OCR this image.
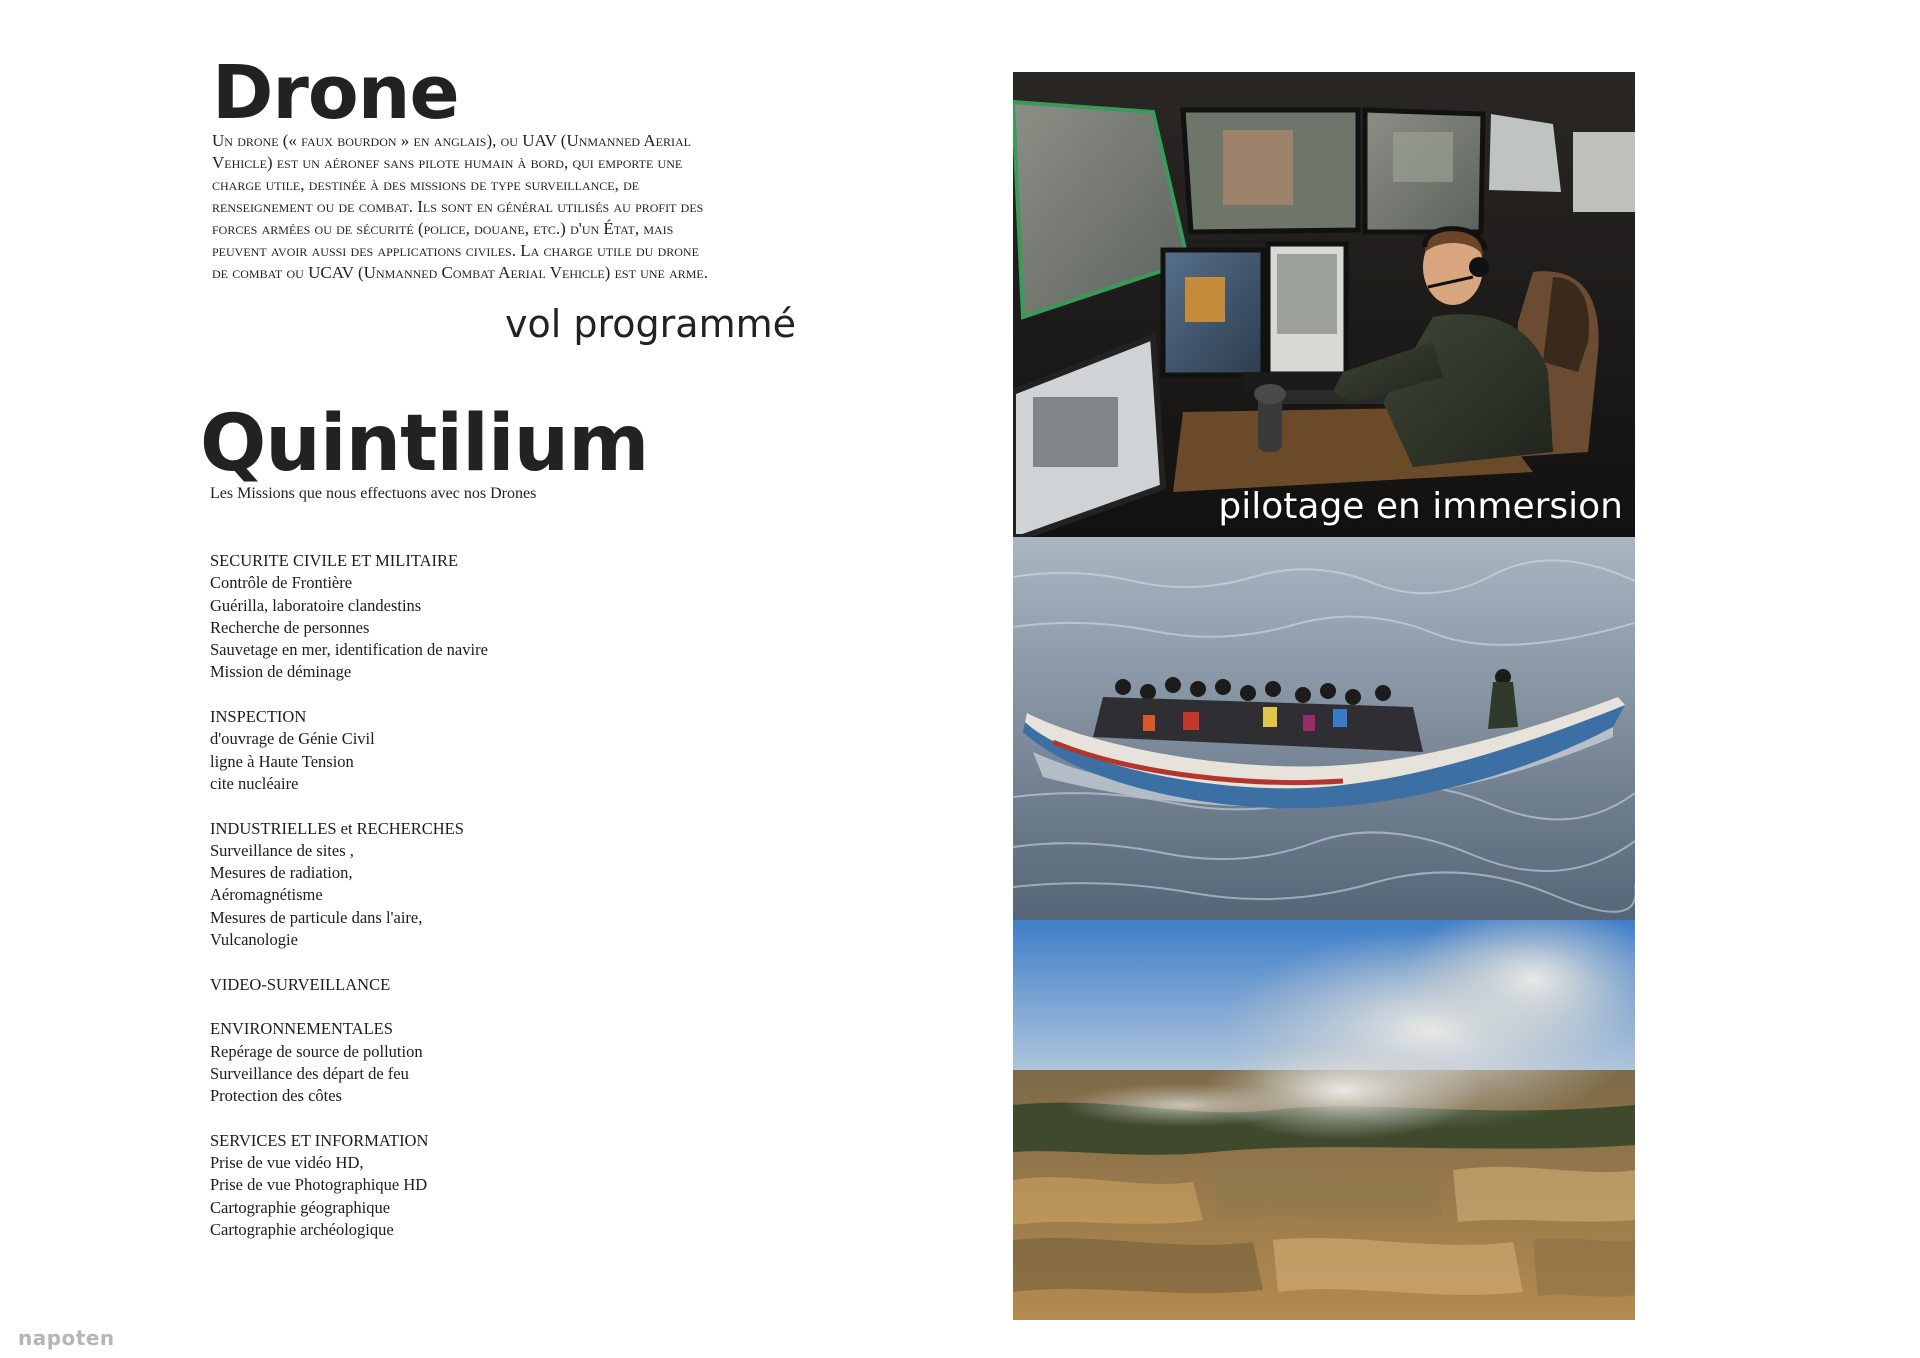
Drone

Un drone (« faux bourdon » en anglais), ou UAV (Unmanned Aerial Vehicle) est un aéronef sans pilote humain à bord, qui emporte une charge utile, destinée à des missions de type surveillance, de renseignement ou de combat. Ils sont en général utilisés au profit des forces armées ou de sécurité (police, douane, etc.) d'un État, mais peuvent avoir aussi des applications civiles. La charge utile du drone de combat ou UCAV (Unmanned Combat Aerial Vehicle) est une arme.

vol programmé
Quintilium
Les Missions que nous effectuons avec nos Drones
SECURITE CIVILE ET MILITAIRE
Contrôle de Frontière
Guérilla, laboratoire clandestins
Recherche de personnes
Sauvetage en mer, identification de navire
Mission de déminage
INSPECTION
d'ouvrage de Génie Civil
ligne à Haute Tension
cite nucléaire
INDUSTRIELLES et RECHERCHES
Surveillance de sites ,
Mesures de radiation,
Aéromagnétisme
Mesures de particule dans l'aire,
Vulcanologie
VIDEO-SURVEILLANCE
ENVIRONNEMENTALES
Repérage de source de pollution
Surveillance des départ de feu
Protection des côtes
SERVICES ET INFORMATION
Prise de vue vidéo HD,
Prise de vue Photographique HD
Cartographie géographique
Cartographie archéologique
napoten
pilotage en immersion
